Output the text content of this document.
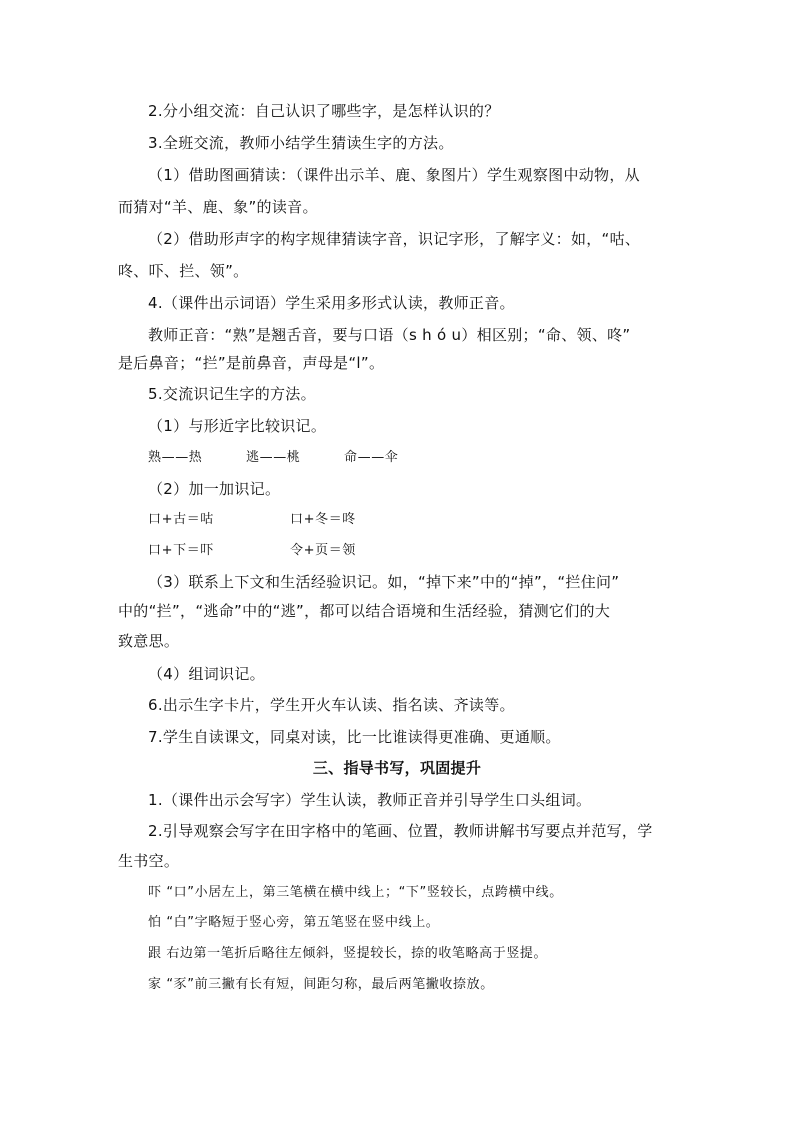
2.分小组交流：自己认识了哪些字，是怎样认识的？
3.全班交流，教师小结学生猜读生字的方法。
（1）借助图画猜读：（课件出示羊、鹿、象图片）学生观察图中动物，从
而猜对“羊、鹿、象”的读音。
（2）借助形声字的构字规律猜读字音，识记字形，了解字义：如，“咕、
咚、吓、拦、领”。
4.（课件出示词语）学生采用多形式认读，教师正音。
教师正音：“熟”是翘舌音，要与口语（s h ó u）相区别；“命、领、咚”
是后鼻音；“拦”是前鼻音，声母是“l”。
5.交流识记生字的方法。
（1）与形近字比较识记。
熟——热	逃——桃	命——伞
（2）加一加识记。
口+古＝咕	口+冬＝咚
口+下＝吓	令+页＝领
（3）联系上下文和生活经验识记。如，“掉下来”中的“掉”，“拦住问”
中的“拦”，“逃命”中的“逃”，都可以结合语境和生活经验，猜测它们的大
致意思。
（4）组词识记。
6.出示生字卡片，学生开火车认读、指名读、齐读等。
7.学生自读课文，同桌对读，比一比谁读得更准确、更通顺。
三、指导书写，巩固提升
1.（课件出示会写字）学生认读，教师正音并引导学生口头组词。
2.引导观察会写字在田字格中的笔画、位置，教师讲解书写要点并范写，学
生书空。
吓 “口”小居左上，第三笔横在横中线上；“下”竖较长，点跨横中线。
怕 “白”字略短于竖心旁，第五笔竖在竖中线上。
跟 右边第一笔折后略往左倾斜，竖提较长，捺的收笔略高于竖提。
家 “豕”前三撇有长有短，间距匀称，最后两笔撇收捺放。
